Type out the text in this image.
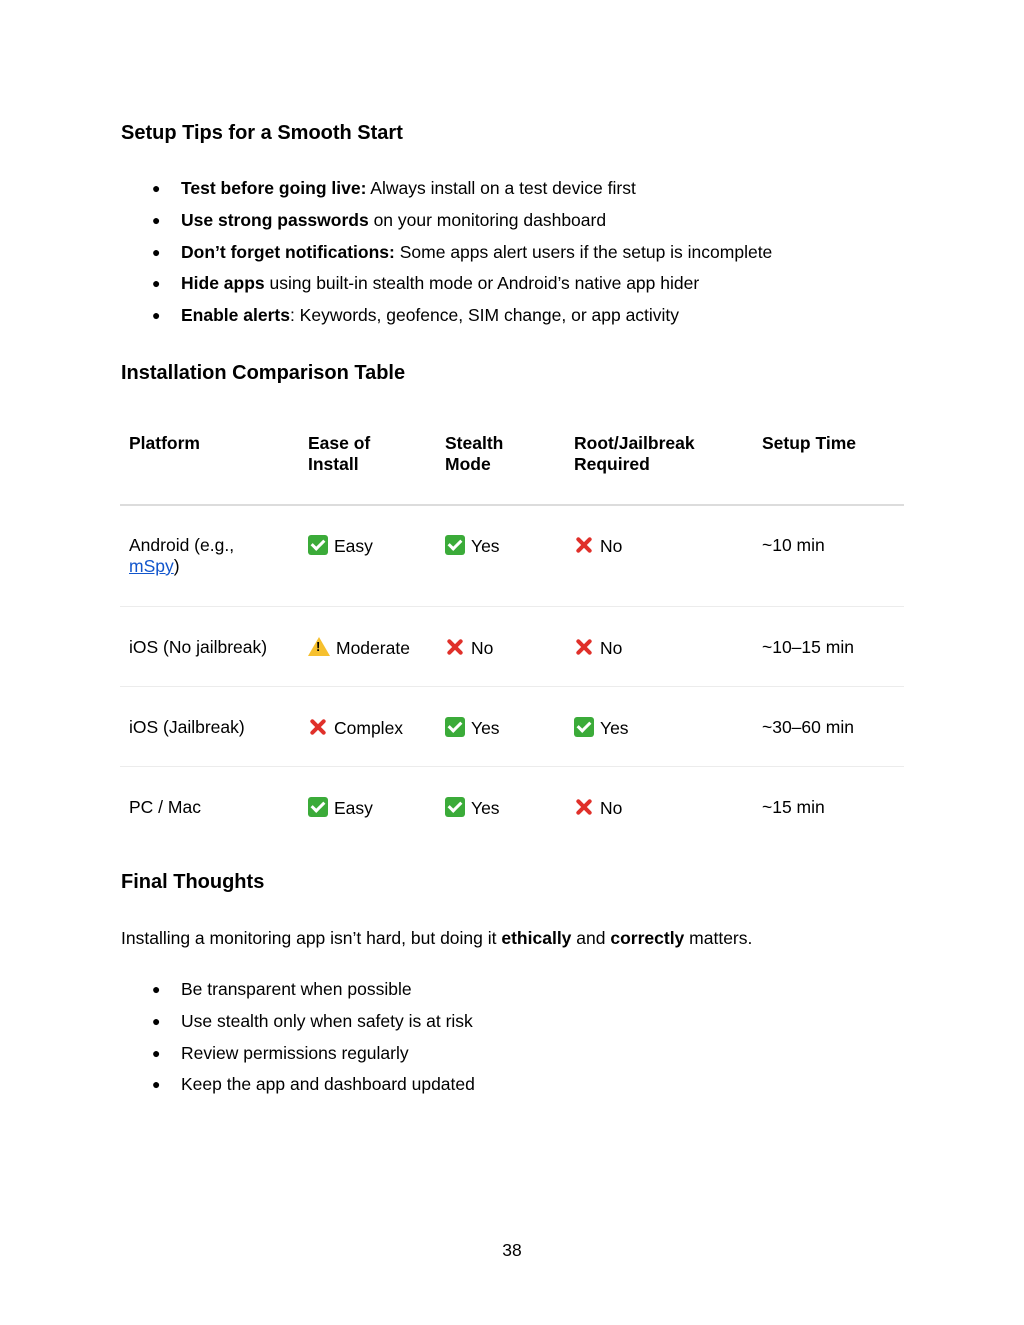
Setup Tips for a Smooth Start
● Test before going live: Always install on a test device first
● Use strong passwords on your monitoring dashboard
● Don’t forget notifications: Some apps alert users if the setup is incomplete
● Hide apps using built-in stealth mode or Android’s native app hider
● Enable alerts: Keywords, geofence, SIM change, or app activity
Installation Comparison Table
Platform	Ease of Install	Stealth Mode	Root/Jailbreak Required	Setup Time
Android (e.g., mSpy)	Easy	Yes	No	~10 min
iOS (No jailbreak)	!Moderate	No	No	~10–15 min
iOS (Jailbreak)	Complex	Yes	Yes	~30–60 min
PC / Mac	Easy	Yes	No	~15 min
Final Thoughts

Installing a monitoring app isn’t hard, but doing it ethically and correctly matters.

● Be transparent when possible
● Use stealth only when safety is at risk
● Review permissions regularly
● Keep the app and dashboard updated
38
